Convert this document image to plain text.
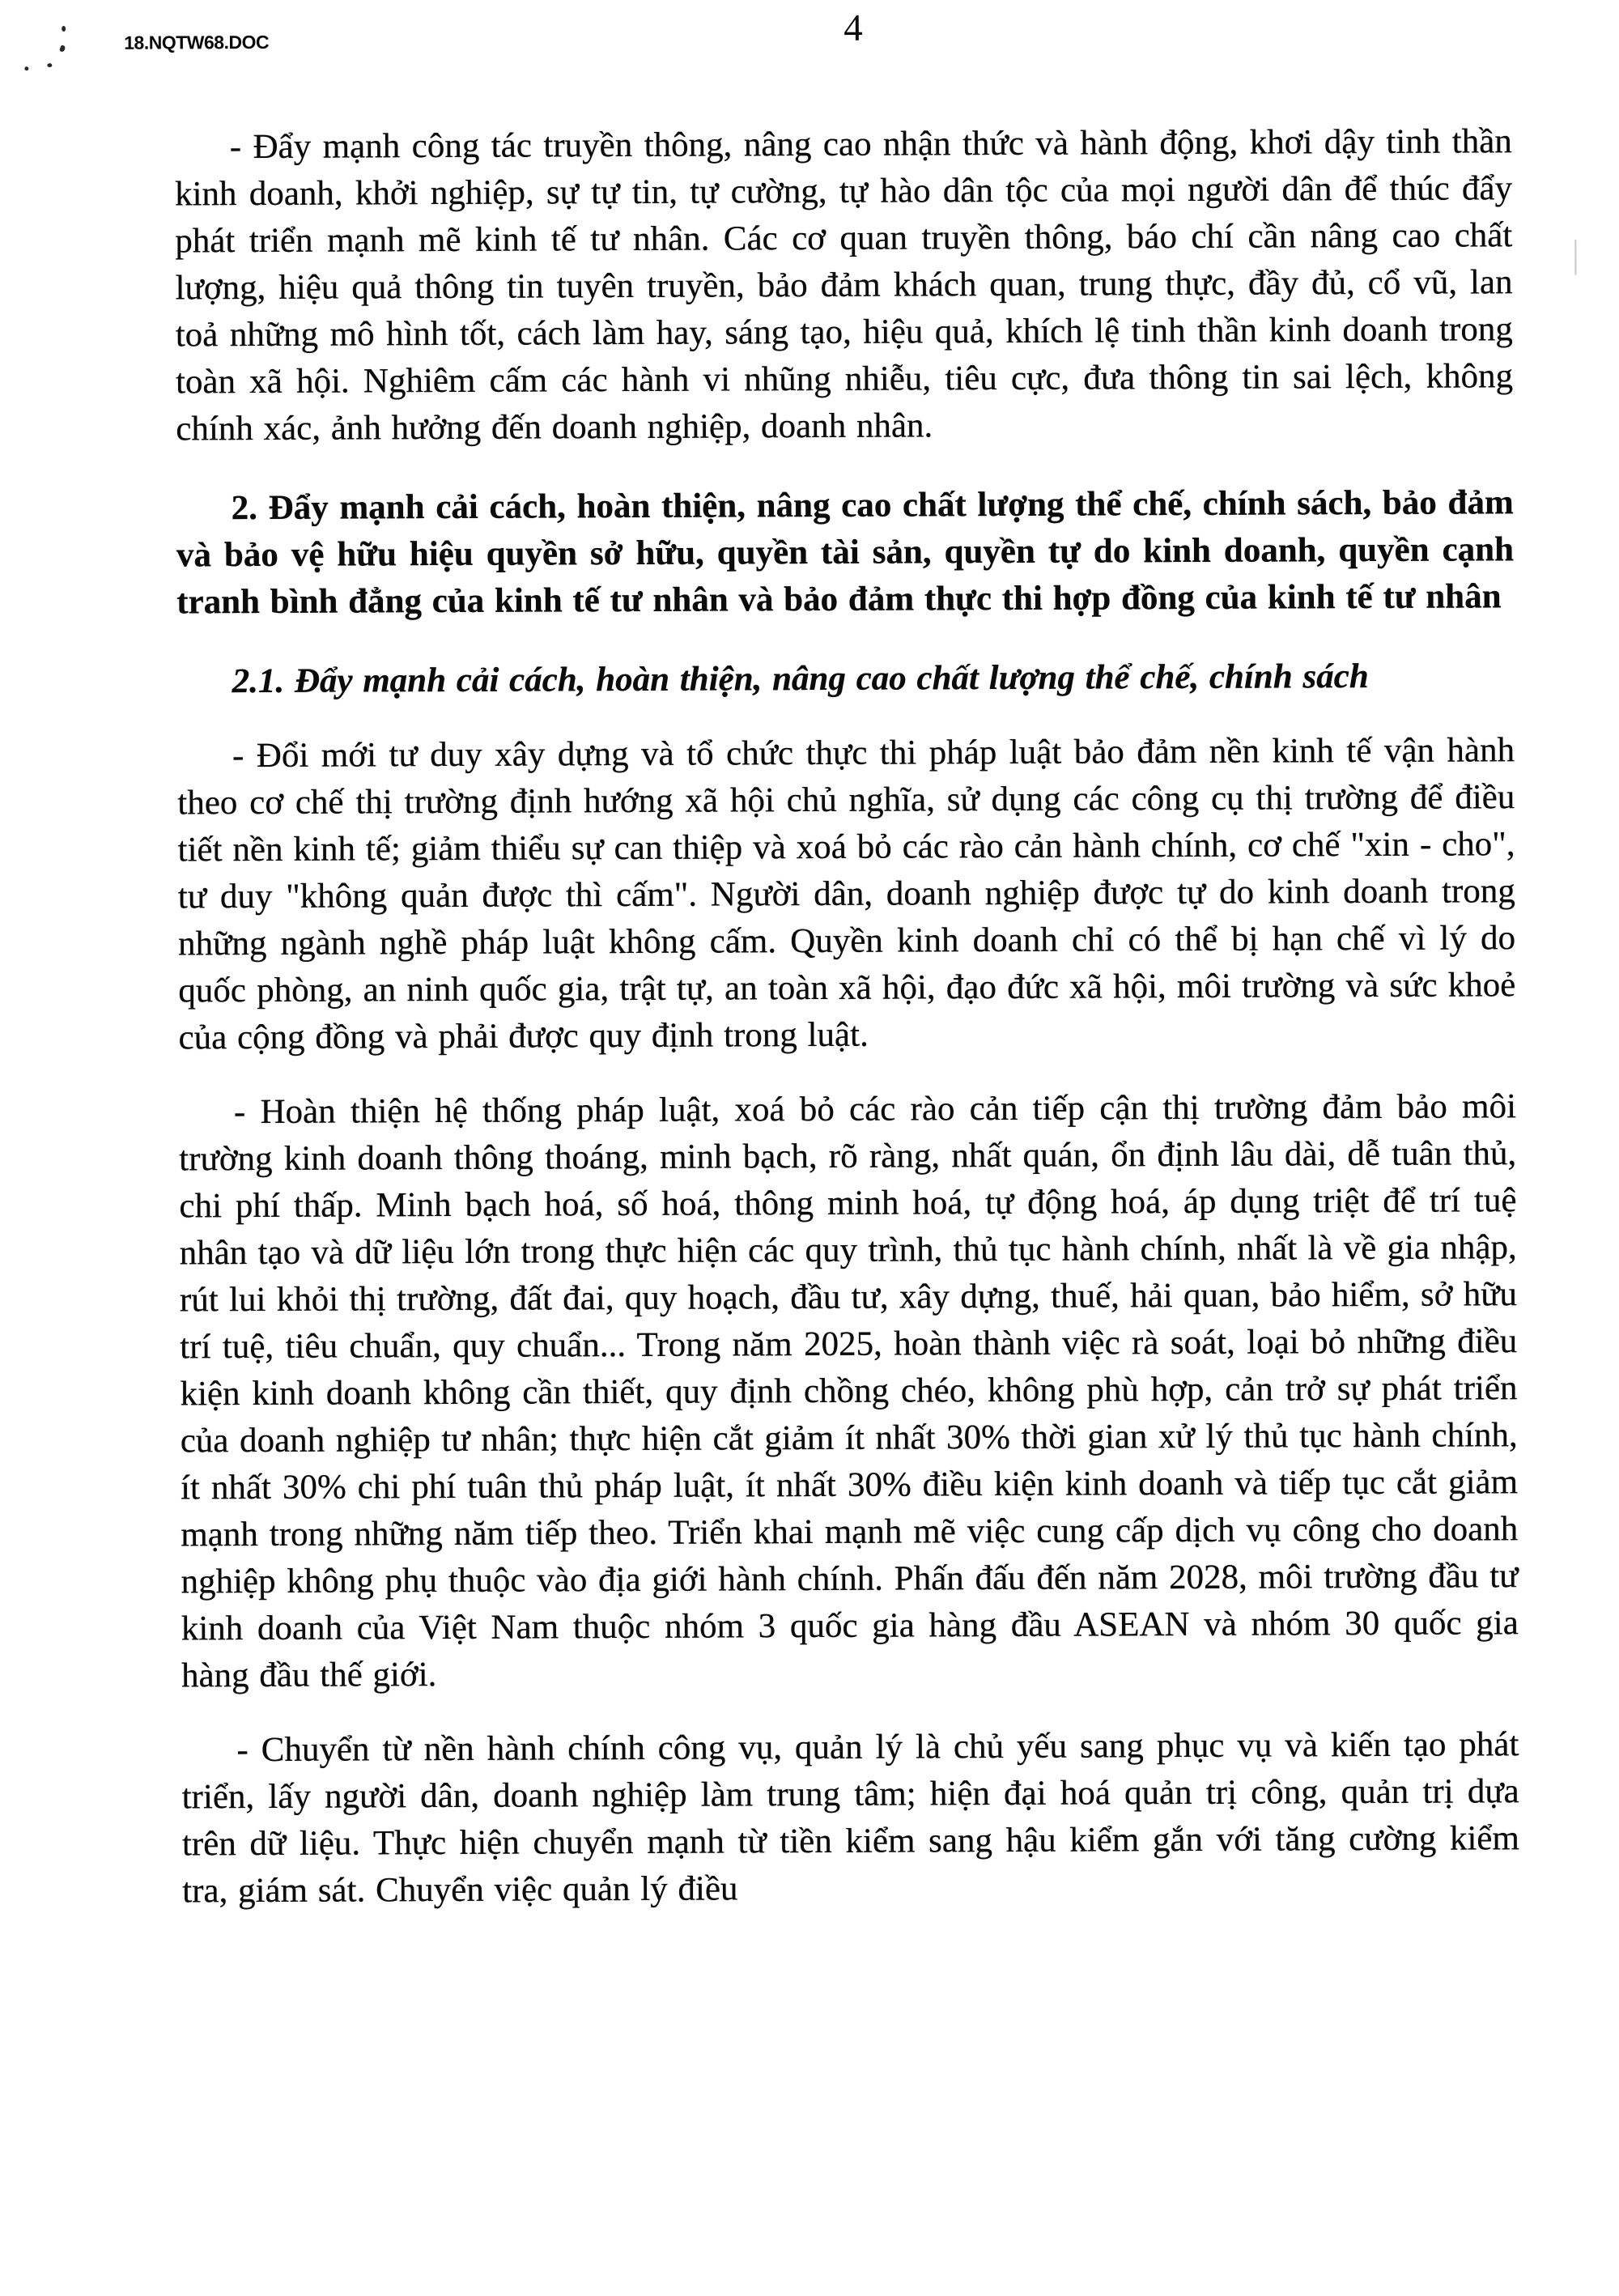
18.NQTW68.DOC	4

- Đẩy mạnh công tác truyền thông, nâng cao nhận thức và hành động, khơi dậy tinh thần kinh doanh, khởi nghiệp, sự tự tin, tự cường, tự hào dân tộc của mọi người dân để thúc đẩy phát triển mạnh mẽ kinh tế tư nhân. Các cơ quan truyền thông, báo chí cần nâng cao chất lượng, hiệu quả thông tin tuyên truyền, bảo đảm khách quan, trung thực, đầy đủ, cổ vũ, lan toả những mô hình tốt, cách làm hay, sáng tạo, hiệu quả, khích lệ tinh thần kinh doanh trong toàn xã hội. Nghiêm cấm các hành vi nhũng nhiễu, tiêu cực, đưa thông tin sai lệch, không chính xác, ảnh hưởng đến doanh nghiệp, doanh nhân.

2. Đẩy mạnh cải cách, hoàn thiện, nâng cao chất lượng thể chế, chính sách, bảo đảm và bảo vệ hữu hiệu quyền sở hữu, quyền tài sản, quyền tự do kinh doanh, quyền cạnh tranh bình đẳng của kinh tế tư nhân và bảo đảm thực thi hợp đồng của kinh tế tư nhân

2.1. Đẩy mạnh cải cách, hoàn thiện, nâng cao chất lượng thể chế, chính sách

- Đổi mới tư duy xây dựng và tổ chức thực thi pháp luật bảo đảm nền kinh tế vận hành theo cơ chế thị trường định hướng xã hội chủ nghĩa, sử dụng các công cụ thị trường để điều tiết nền kinh tế; giảm thiểu sự can thiệp và xoá bỏ các rào cản hành chính, cơ chế "xin - cho", tư duy "không quản được thì cấm". Người dân, doanh nghiệp được tự do kinh doanh trong những ngành nghề pháp luật không cấm. Quyền kinh doanh chỉ có thể bị hạn chế vì lý do quốc phòng, an ninh quốc gia, trật tự, an toàn xã hội, đạo đức xã hội, môi trường và sức khoẻ của cộng đồng và phải được quy định trong luật.

- Hoàn thiện hệ thống pháp luật, xoá bỏ các rào cản tiếp cận thị trường đảm bảo môi trường kinh doanh thông thoáng, minh bạch, rõ ràng, nhất quán, ổn định lâu dài, dễ tuân thủ, chi phí thấp. Minh bạch hoá, số hoá, thông minh hoá, tự động hoá, áp dụng triệt để trí tuệ nhân tạo và dữ liệu lớn trong thực hiện các quy trình, thủ tục hành chính, nhất là về gia nhập, rút lui khỏi thị trường, đất đai, quy hoạch, đầu tư, xây dựng, thuế, hải quan, bảo hiểm, sở hữu trí tuệ, tiêu chuẩn, quy chuẩn... Trong năm 2025, hoàn thành việc rà soát, loại bỏ những điều kiện kinh doanh không cần thiết, quy định chồng chéo, không phù hợp, cản trở sự phát triển của doanh nghiệp tư nhân; thực hiện cắt giảm ít nhất 30% thời gian xử lý thủ tục hành chính, ít nhất 30% chi phí tuân thủ pháp luật, ít nhất 30% điều kiện kinh doanh và tiếp tục cắt giảm mạnh trong những năm tiếp theo. Triển khai mạnh mẽ việc cung cấp dịch vụ công cho doanh nghiệp không phụ thuộc vào địa giới hành chính. Phấn đấu đến năm 2028, môi trường đầu tư kinh doanh của Việt Nam thuộc nhóm 3 quốc gia hàng đầu ASEAN và nhóm 30 quốc gia hàng đầu thế giới.

- Chuyển từ nền hành chính công vụ, quản lý là chủ yếu sang phục vụ và kiến tạo phát triển, lấy người dân, doanh nghiệp làm trung tâm; hiện đại hoá quản trị công, quản trị dựa trên dữ liệu. Thực hiện chuyển mạnh từ tiền kiểm sang hậu kiểm gắn với tăng cường kiểm tra, giám sát. Chuyển việc quản lý điều
